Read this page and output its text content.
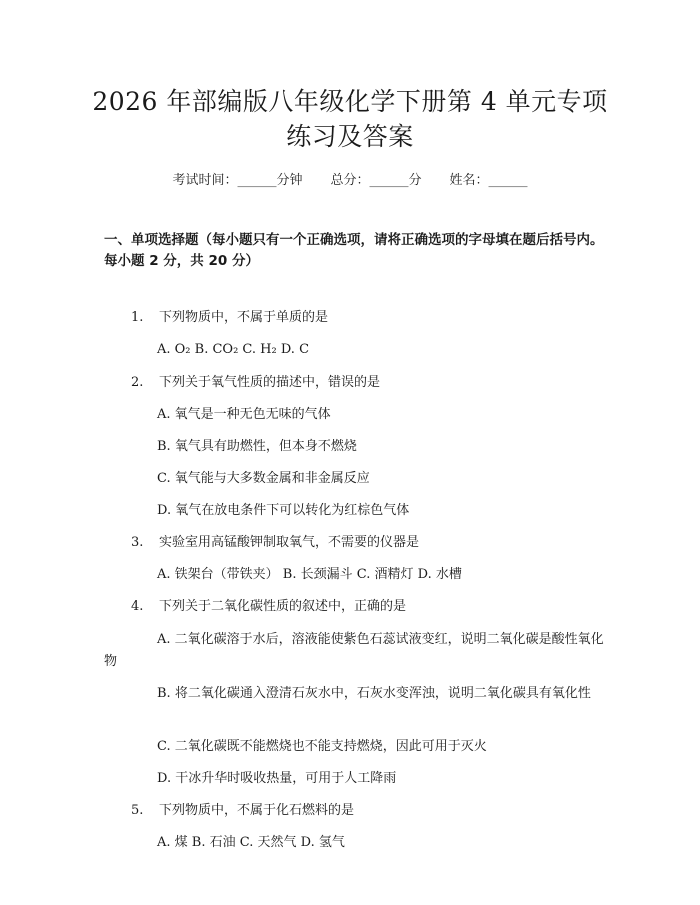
2026 年部编版八年级化学下册第 4 单元专项
练习及答案
考试时间：______分钟 总分：______分 姓名：______
一、单项选择题（每小题只有一个正确选项，请将正确选项的字母填在题后括号内。每小题 2 分，共 20 分）
1. 下列物质中，不属于单质的是
A. O₂ B. CO₂ C. H₂ D. C
2. 下列关于氧气性质的描述中，错误的是
A. 氧气是一种无色无味的气体
B. 氧气具有助燃性，但本身不燃烧
C. 氧气能与大多数金属和非金属反应
D. 氧气在放电条件下可以转化为红棕色气体
3. 实验室用高锰酸钾制取氧气，不需要的仪器是
A. 铁架台（带铁夹） B. 长颈漏斗 C. 酒精灯 D. 水槽
4. 下列关于二氧化碳性质的叙述中，正确的是
A. 二氧化碳溶于水后，溶液能使紫色石蕊试液变红，说明二氧化碳是酸性氧化物
B. 将二氧化碳通入澄清石灰水中，石灰水变浑浊，说明二氧化碳具有氧化性
C. 二氧化碳既不能燃烧也不能支持燃烧，因此可用于灭火
D. 干冰升华时吸收热量，可用于人工降雨
5. 下列物质中，不属于化石燃料的是
A. 煤 B. 石油 C. 天然气 D. 氢气
